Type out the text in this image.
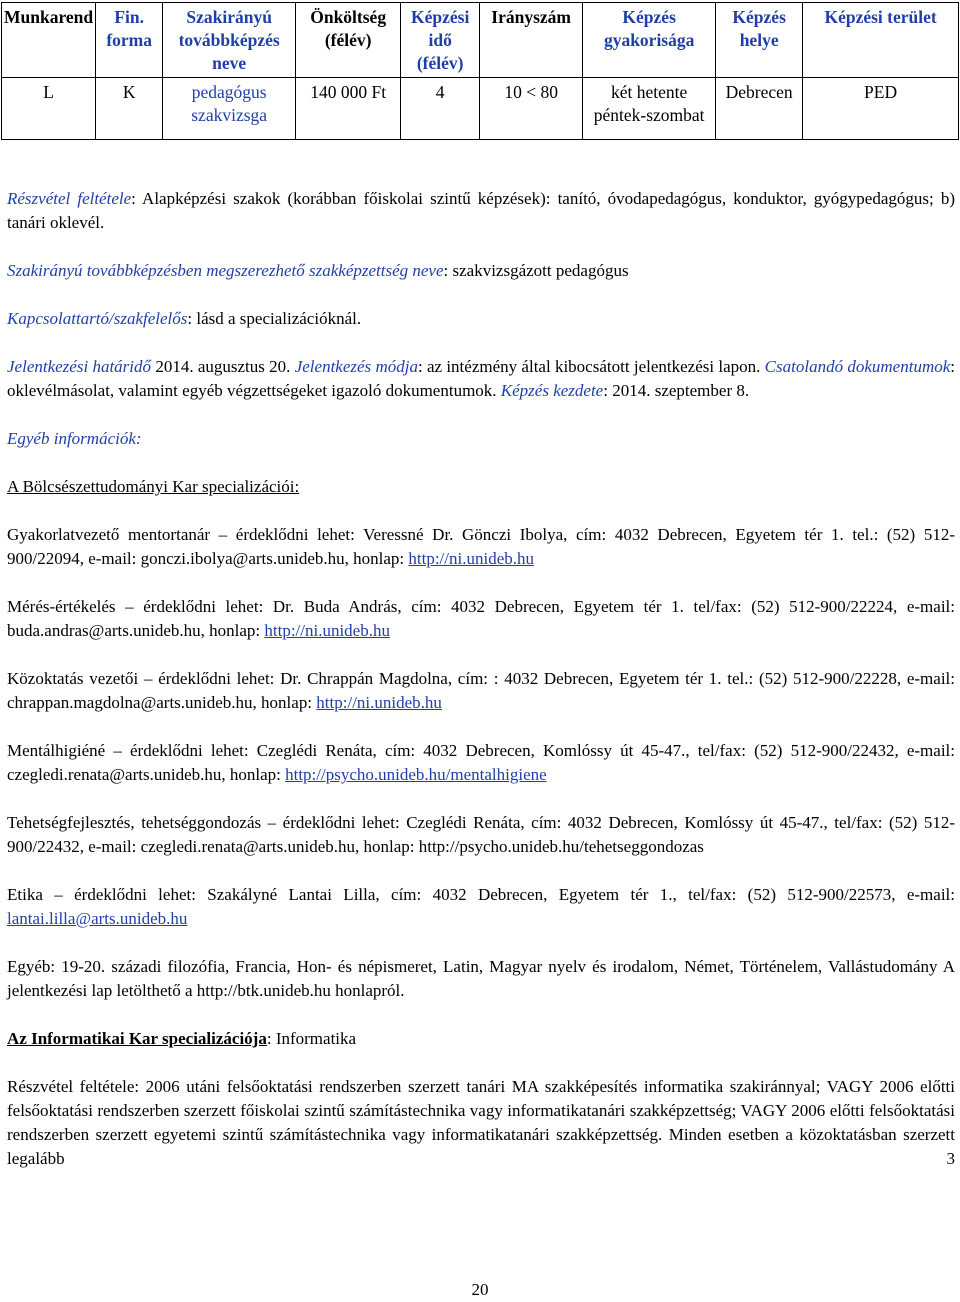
Munkarend	Fin. forma	Szakirányú továbbképzés neve	Önköltség (félév)	Képzési idő (félév)	Irányszám	Képzés gyakorisága	Képzés helye	Képzési terület
L	K	pedagógus szakvizsga	140 000 Ft	4	10 < 80	két hetente péntek-szombat	Debrecen	PED

Részvétel feltétele: Alapképzési szakok (korábban főiskolai szintű képzések): tanító, óvodapedagógus, konduktor, gyógypedagógus; b) tanári oklevél.

Szakirányú továbbképzésben megszerezhető szakképzettség neve: szakvizsgázott pedagógus

Kapcsolattartó/szakfelelős: lásd a specializációknál.

Jelentkezési határidő 2014. augusztus 20. Jelentkezés módja: az intézmény által kibocsátott jelentkezési lapon. Csatolandó dokumentumok: oklevélmásolat, valamint egyéb végzettségeket igazoló dokumentumok. Képzés kezdete: 2014. szeptember 8.

Egyéb információk:

A Bölcsészettudományi Kar specializációi:

Gyakorlatvezető mentortanár – érdeklődni lehet: Veressné Dr. Gönczi Ibolya, cím: 4032 Debrecen, Egyetem tér 1. tel.: (52) 512-900/22094, e-mail: gonczi.ibolya@arts.unideb.hu, honlap: http://ni.unideb.hu

Mérés-értékelés – érdeklődni lehet: Dr. Buda András, cím: 4032 Debrecen, Egyetem tér 1. tel/fax: (52) 512-900/22224, e-mail: buda.andras@arts.unideb.hu, honlap: http://ni.unideb.hu

Közoktatás vezetői – érdeklődni lehet: Dr. Chrappán Magdolna, cím: : 4032 Debrecen, Egyetem tér 1. tel.: (52) 512-900/22228, e-mail: chrappan.magdolna@arts.unideb.hu, honlap: http://ni.unideb.hu

Mentálhigiéné – érdeklődni lehet: Czeglédi Renáta, cím: 4032 Debrecen, Komlóssy út 45-47., tel/fax: (52) 512-900/22432, e-mail: czegledi.renata@arts.unideb.hu, honlap: http://psycho.unideb.hu/mentalhigiene

Tehetségfejlesztés, tehetséggondozás – érdeklődni lehet: Czeglédi Renáta, cím: 4032 Debrecen, Komlóssy út 45-47., tel/fax: (52) 512- 900/22432, e-mail: czegledi.renata@arts.unideb.hu, honlap: http://psycho.unideb.hu/tehetseggondozas

Etika – érdeklődni lehet: Szakályné Lantai Lilla, cím: 4032 Debrecen, Egyetem tér 1., tel/fax: (52) 512-900/22573, e-mail: lantai.lilla@arts.unideb.hu

Egyéb: 19-20. századi filozófia, Francia, Hon- és népismeret, Latin, Magyar nyelv és irodalom, Német, Történelem, Vallástudomány A jelentkezési lap letölthető a http://btk.unideb.hu honlapról.

Az Informatikai Kar specializációja: Informatika

Részvétel feltétele: 2006 utáni felsőoktatási rendszerben szerzett tanári MA szakképesítés informatika szakiránnyal; VAGY 2006 előtti felsőoktatási rendszerben szerzett főiskolai szintű számítástechnika vagy informatikatanári szakképzettség; VAGY 2006 előtti felsőoktatási rendszerben szerzett egyetemi szintű számítástechnika vagy informatikatanári szakképzettség. Minden esetben a közoktatásban szerzett legalább 3

20
